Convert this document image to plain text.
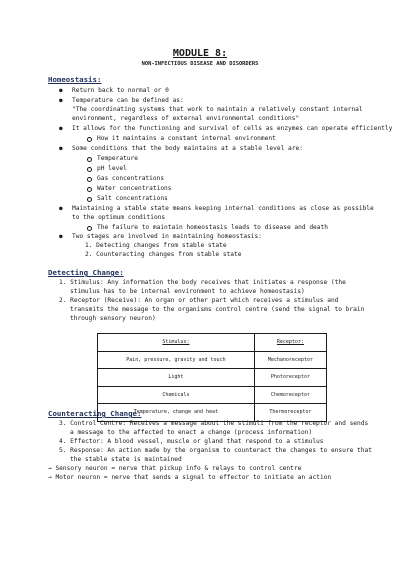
MODULE 8:
NON-INFECTIOUS DISEASE AND DISORDERS
Homeostasis:
● Return back to normal or 0
● Temperature can be defined as:
"The coordinating systems that work to maintain a relatively constant internal
environment, regardless of external environmental conditions"
● It allows for the functioning and survival of cells as enzymes can operate efficiently
How it maintains a constant internal environment
● Some conditions that the body maintains at a stable level are:
Temperature
pH level
Gas concentrations
Water concentrations
Salt concentrations
● Maintaining a stable state means keeping internal conditions as close as possible
to the optimum conditions
The failure to maintain homeostasis leads to disease and death
● Two stages are involved in maintaining homeostasis:
1. Detecting changes from stable state
2. Counteracting changes from stable state
Detecting Change:
1. Stimulus: Any information the body receives that initiates a response (the
stimulus has to be internal environment to achieve homeostasis)
2. Receptor (Receive): An organ or other part which receives a stimulus and
transmits the message to the organisms control centre (send the signal to brain
through sensory neuron)
Stimulus:	Receptor:
Pain, pressure, gravity and touch	Mechanoreceptor
Light	Photoreceptor
Chemicals	Chemoreceptor
Temperature, change and heat	Thermoreceptor
Counteracting Change:
3. Control Centre: Receives a message about the stimuli from the receptor and sends
a message to the affected to enact a change (process information)
4. Effector: A blood vessel, muscle or gland that respond to a stimulus
5. Response: An action made by the organism to counteract the changes to ensure that
the stable state is maintained
→ Sensory neuron = nerve that pickup info & relays to control centre
→ Motor neuron = nerve that sends a signal to effector to initiate an action
